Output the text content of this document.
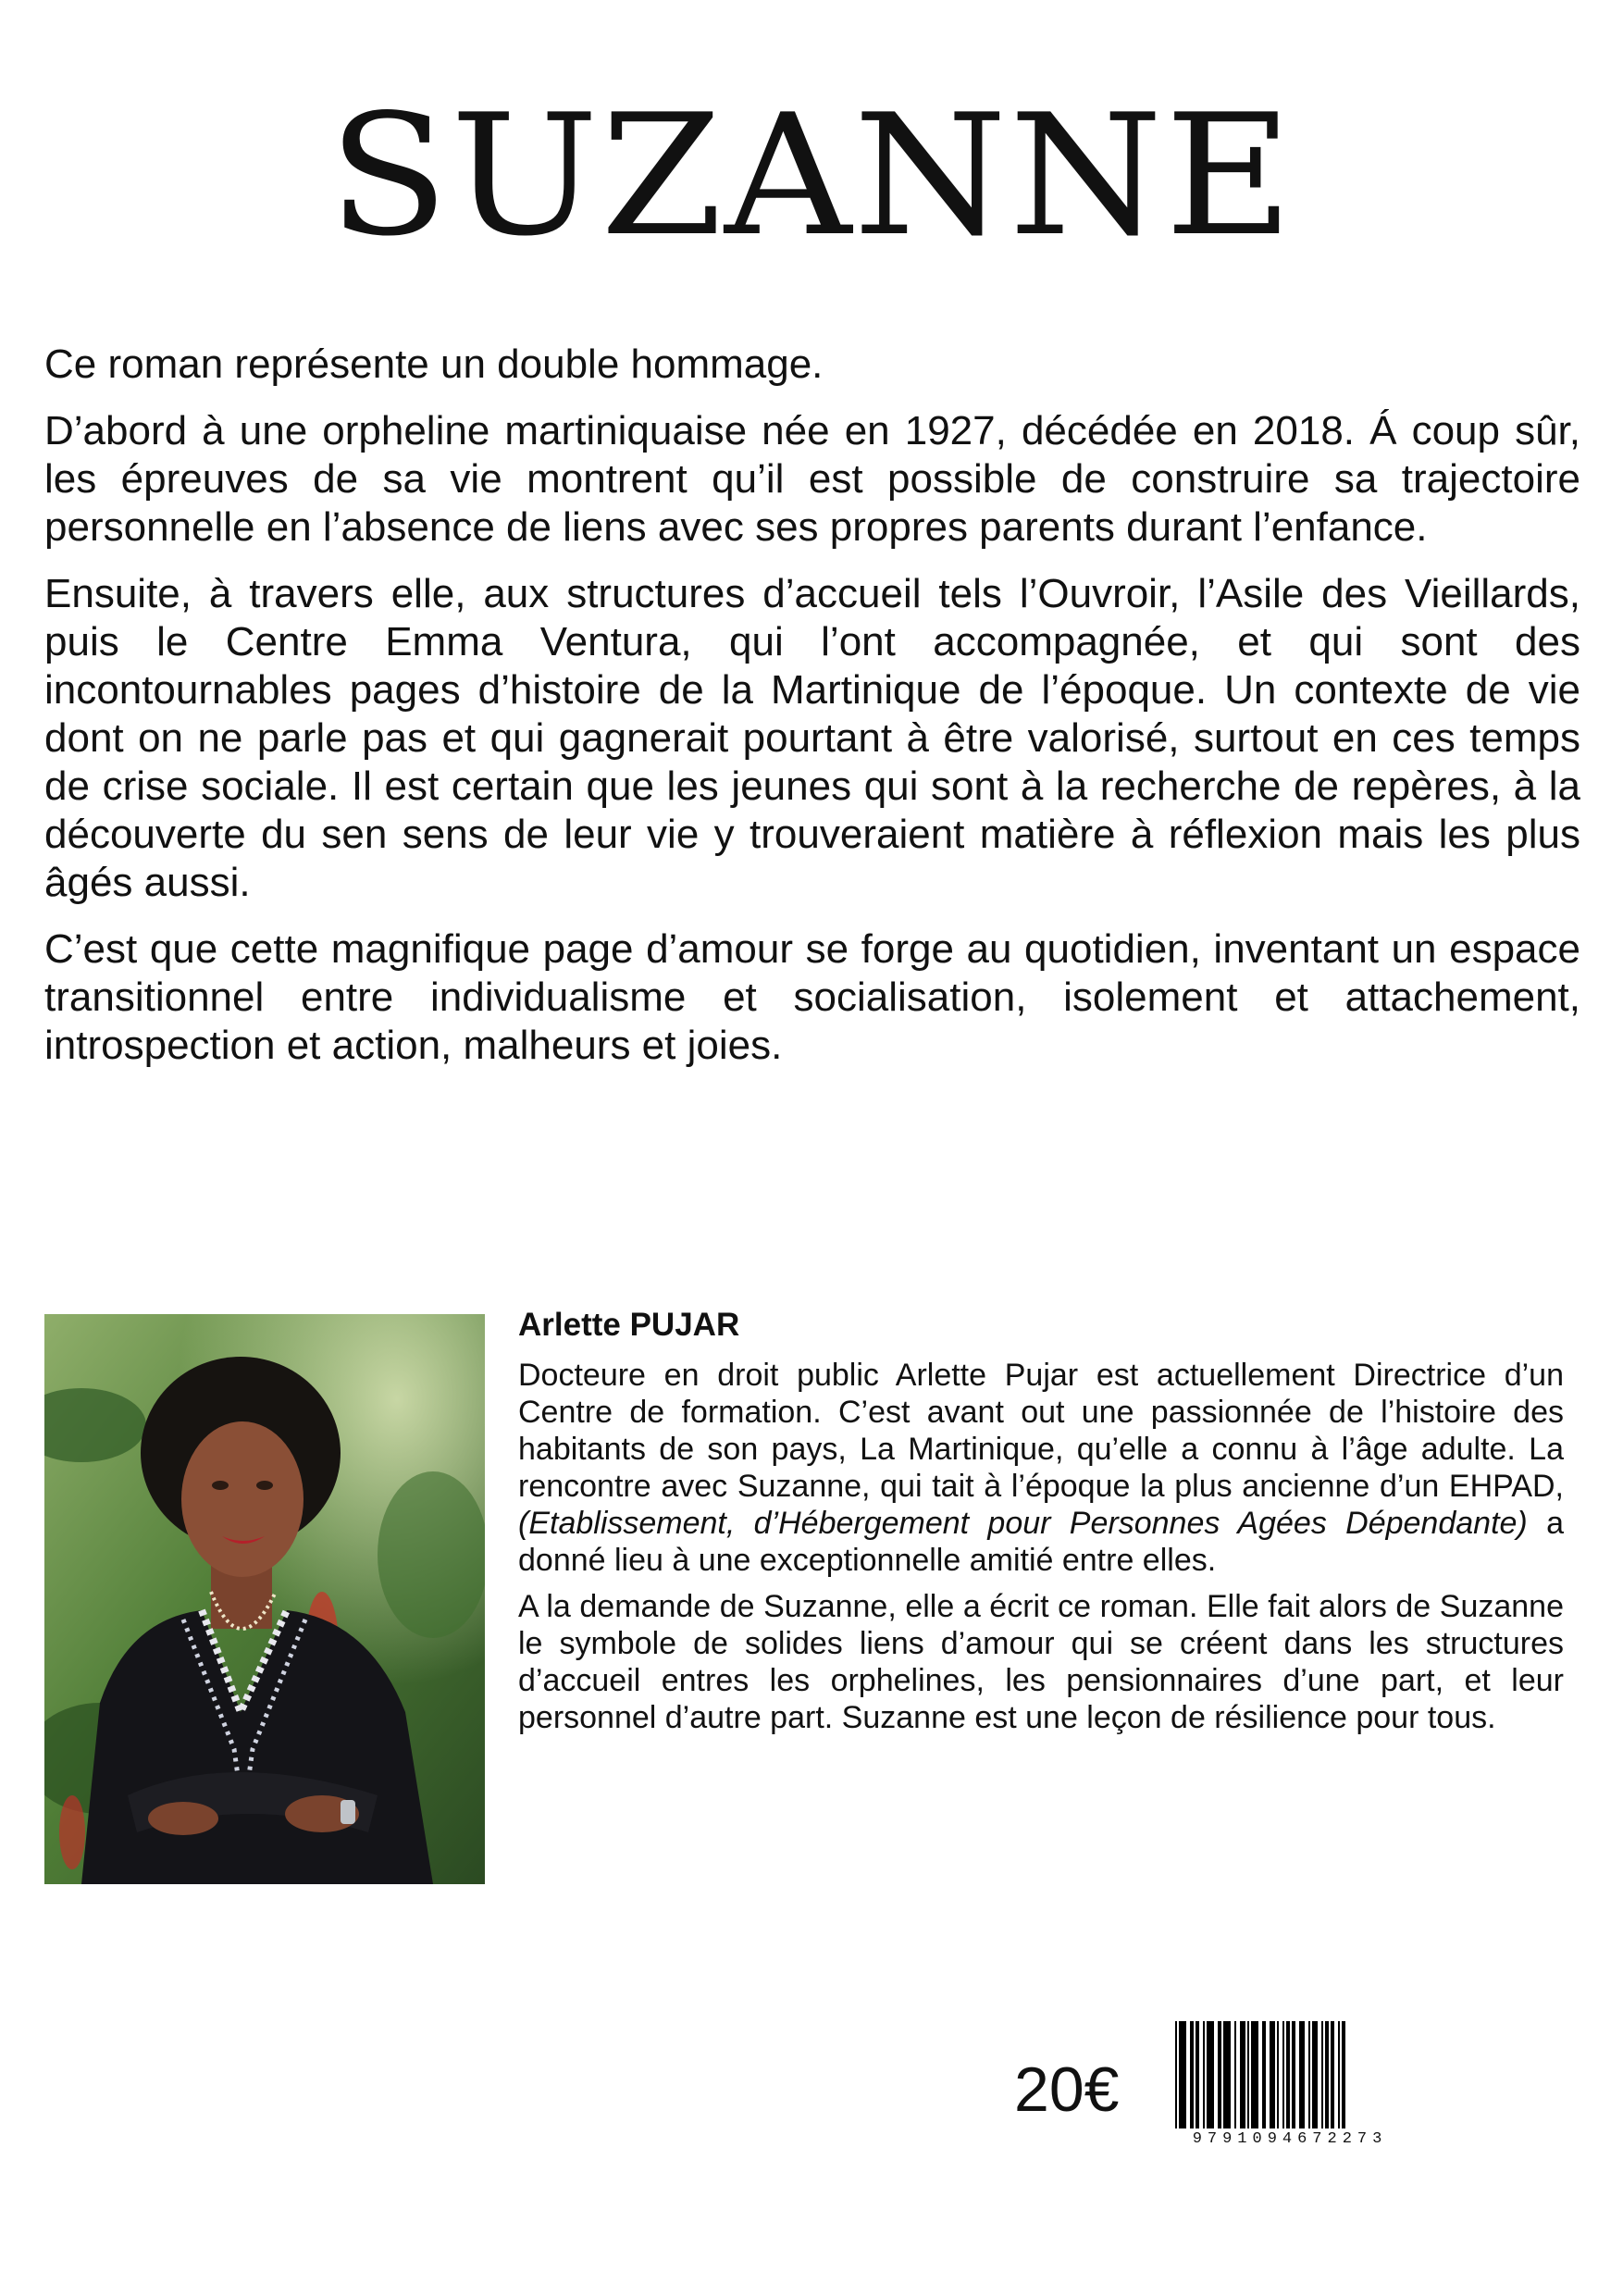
SUZANNE

Ce roman représente un double hommage.

D’abord à une orpheline martiniquaise née en 1927, décédée en 2018. Á coup sûr, les épreuves de sa vie montrent qu’il est possible de construire sa trajectoire personnelle en l’absence de liens avec ses propres parents durant l’enfance.

Ensuite, à travers elle, aux structures d’accueil tels l’Ouvroir, l’Asile des Vieillards, puis le Centre Emma Ventura, qui l’ont accompagnée, et qui sont des incontournables pages d’histoire de la Martinique de l’époque. Un contexte de vie dont on ne parle pas et qui gagnerait pourtant à être valorisé, surtout en ces temps de crise sociale. Il est certain que les jeunes qui sont à la recherche de repères, à la découverte du sen sens de leur vie y trouveraient matière à réflexion mais les plus âgés aussi.

C’est que cette magnifique page d’amour se forge au quotidien, inventant un espace transitionnel entre individualisme et socialisation, isolement et attachement, introspection et action, malheurs et joies.

Arlette PUJAR

Docteure en droit public Arlette Pujar est actuellement Directrice d’un Centre de formation. C’est avant out une passionnée de l’histoire des habitants de son pays, La Martinique, qu’elle a connu à l’âge adulte. La rencontre avec Suzanne, qui tait à l’époque la plus ancienne d’un EHPAD, (Etablissement, d’Hébergement pour Personnes Agées Dépendante) a donné lieu à une exceptionnelle amitié entre elles.

A la demande de Suzanne, elle a écrit ce roman. Elle fait alors de Suzanne le symbole de solides liens d’amour qui se créent dans les structures d’accueil entres les orphelines, les pensionnaires d’une part, et leur personnel d’autre part. Suzanne est une leçon de résilience pour tous.

20€
9791094672273
